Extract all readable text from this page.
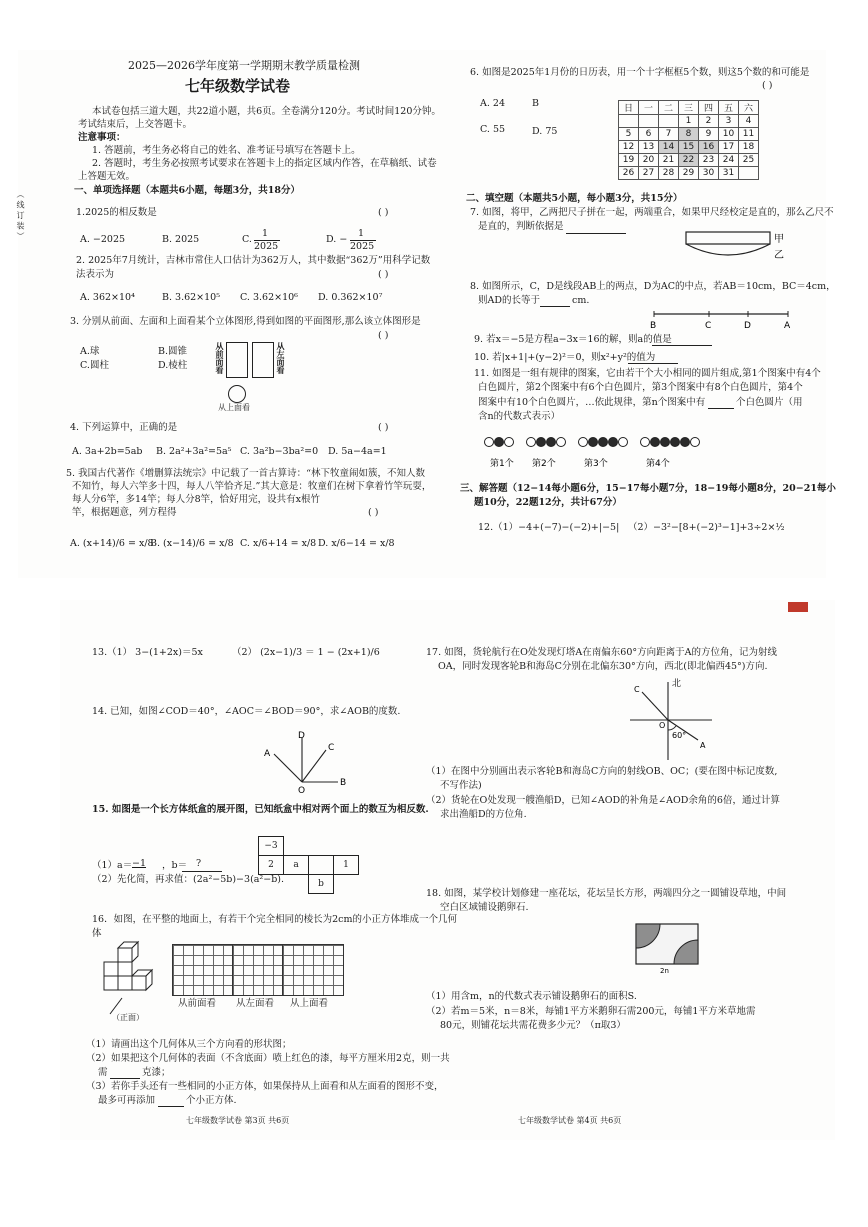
2025—2026学年度第一学期期末教学质量检测
七年级数学试卷
本试卷包括三道大题，共22道小题，共6页。全卷满分120分。考试时间120分钟。
考试结束后，上交答题卡。
注意事项：
1. 答题前，考生务必将自己的姓名、准考证号填写在答题卡上。
2. 答题时，考生务必按照考试要求在答题卡上的指定区域内作答，在草稿纸、试卷
上答题无效。
（ 线 订 装 ）	一、单项选择题（本题共6小题，每题3分，共18分）
1.2025的相反数是	( )
A. −2025	B. 2025	C.
1
2025
D. −
1
2025
2. 2025年7月统计，吉林市常住人口估计为362万人，其中数据“362万”用科学记数
法表示为	( )
A. 362×10⁴	B. 3.62×10⁵ C. 3.62×10⁶ D. 0.362×10⁷
3. 分别从前面、左面和上面看某个立体图形,得到如图的平面图形,那么该立体图形是
( )
A.球	B.圆锥
C.圆柱	D.棱柱	从前面看	从左面看
从上面看
4. 下列运算中，正确的是	( )
A. 3a+2b=5ab B. 2a²+3a²=5a⁵ C. 3a²b−3ba²=0 D. 5a−4a=1
5. 我国古代著作《增删算法统宗》中记载了一首古算诗：“林下牧童闹如簇，不知人数
不知竹，每人六竿多十四，每人八竿恰齐足.”其大意是：牧童们在树下拿着竹竿玩耍，
每人分6竿，多14竿；每人分8竿，恰好用完，设共有x根竹
竿，根据题意，列方程得	( )
A. (x+14)/6 = x/8
B. (x−14)/6 = x/8 C. x/6+14 = x/8 D. x/6−14 = x/8
6. 如图是2025年1月份的日历表，用一个十字框框5个数，则这5个数的和可能是
( )
A. 24	B
C. 55	D. 75
日	一	二	三	四	五	六
			1	2	3	4
5	6	7	8	9	10	11
12	13	14	15	16	17	18
19	20	21	22	23	24	25
26	27	28	29	30	31	
二、填空题（本题共5小题，每小题3分，共15分）
7. 如图，将甲，乙两把尺子拼在一起，两端重合，如果甲尺经校定是直的，那么乙尺不
是直的，判断依据是
甲
乙
8. 如图所示，C，D是线段AB上的两点，D为AC的中点，若AB＝10cm，BC＝4cm，
则AD的长等于	cm.
B	C	D	A
9. 若x＝−5是方程a−3x＝16的解，则a的值是
10. 若|x+1|+(y−2)²＝0，则x²+y²的值为
11. 如图是一组有规律的图案，它由若干个大小相同的圆片组成,第1个图案中有4个
白色圆片，第2个图案中有6个白色圆片，第3个图案中有8个白色圆片，第4个
图案中有10个白色圆片，…依此规律，第n个图案中有	个白色圆片（用
含n的代数式表示）
第1个 第2个	第3个	第4个
三、解答题（12−14每小题6分，15−17每小题7分，18−19每小题8分，20−21每小
题10分，22题12分，共计67分）
12.（1）−4+(−7)−(−2)+|−5| （2）−3²−[8+(−2)³−1]+3÷2×½
13.（1） 3−(1+2x)＝5x	（2） (2x−1)/3 ＝ 1 − (2x+1)/6
14. 已知，如图∠COD＝40°，∠AOC＝∠BOD＝90°，求∠AOB的度数.
D
C
A
O
B
15. 如图是一个长方体纸盒的展开图，已知纸盒中相对两个面上的数互为相反数.
（1）a＝ −1 ，b＝ ?
（2）先化简，再求值：(2a²−5b)−3(a²−b).
−3
2	a	1
b
16．如图，在平整的地面上，有若干个完全相同的棱长为2cm的小正方体堆成一个几何
体
（正面）
从前面看 从左面看 从上面看
（1）请画出这个几何体从三个方向看的形状图；
（2）如果把这个几何体的表面（不含底面）喷上红色的漆，每平方厘米用2克，则一共
需	克漆；
（3）若你手头还有一些相同的小正方体，如果保持从上面看和从左面看的图形不变，
最多可再添加	个小正方体.
七年级数学试卷 第3页 共6页
17. 如图，货轮航行在O处发现灯塔A在南偏东60°方向距离于A的方位角，记为射线
OA，同时发现客轮B和海岛C分别在北偏东30°方向，西北(即北偏西45°)方向.
北
C
O
A
60°
（1）在图中分别画出表示客轮B和海岛C方向的射线OB、OC；(要在图中标记度数,
不写作法)
（2）货轮在O处发现一艘渔船D，已知∠AOD的补角是∠AOD余角的6倍，通过计算
求出渔船D的方位角.
18. 如图，某学校计划修建一座花坛，花坛呈长方形，两端四分之一圆铺设草地，中间
空白区域铺设鹅卵石.
2n
（1）用含m，n的代数式表示铺设鹅卵石的面积S.
（2）若m＝5米，n＝8米，每铺1平方米鹅卵石需200元，每铺1平方米草地需
80元，则铺花坛共需花费多少元？（π取3）
七年级数学试卷 第4页 共6页
